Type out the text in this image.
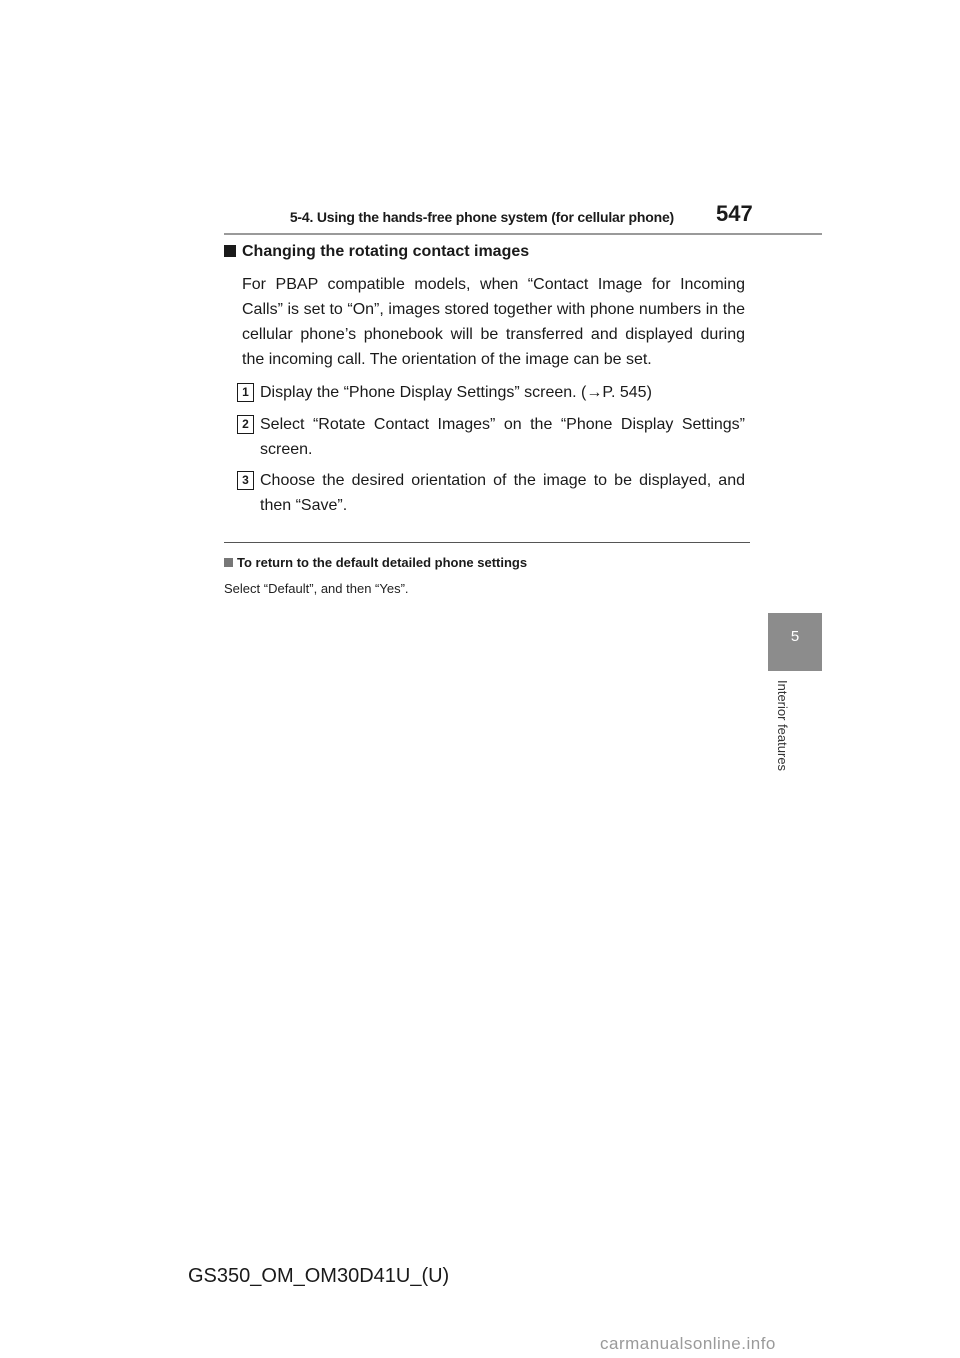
5-4. Using the hands-free phone system (for cellular phone) 547
5
Interior features
Changing the rotating contact images

For PBAP compatible models, when “Contact Image for Incoming Calls” is set to “On”, images stored together with phone numbers in the cellular phone’s phonebook will be transferred and displayed during the incoming call. The orientation of the image can be set.

1 Display the “Phone Display Settings” screen. (→P. 545)
2 Select “Rotate Contact Images” on the “Phone Display Settings” screen.
3 Choose the desired orientation of the image to be displayed, and then “Save”.
To return to the default detailed phone settings
Select “Default”, and then “Yes”.
GS350_OM_OM30D41U_(U)
carmanualsonline.info
